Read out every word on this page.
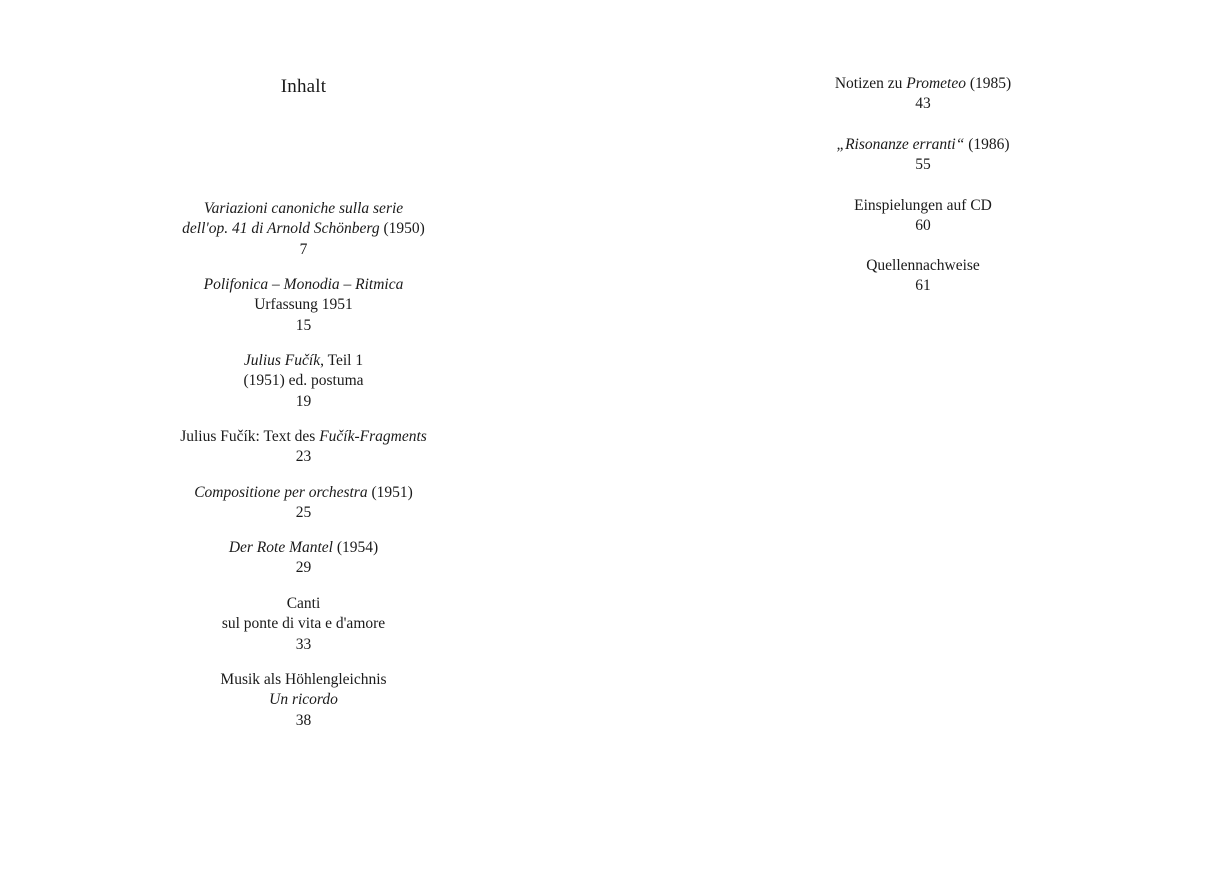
Inhalt
Variazioni canoniche sulla serie
dell'op. 41 di Arnold Schönberg (1950)
7
Polifonica – Monodia – Ritmica
Urfassung 1951
15
Julius Fučík, Teil 1
(1951) ed. postuma
19
Julius Fučík: Text des Fučík-Fragments
23
Compositione per orchestra (1951)
25
Der Rote Mantel (1954)
29
Canti
sul ponte di vita e d'amore
33
Musik als Höhlengleichnis
Un ricordo
38
Notizen zu Prometeo (1985)
43
„Risonanze erranti“ (1986)
55
Einspielungen auf CD
60
Quellennachweise
61
